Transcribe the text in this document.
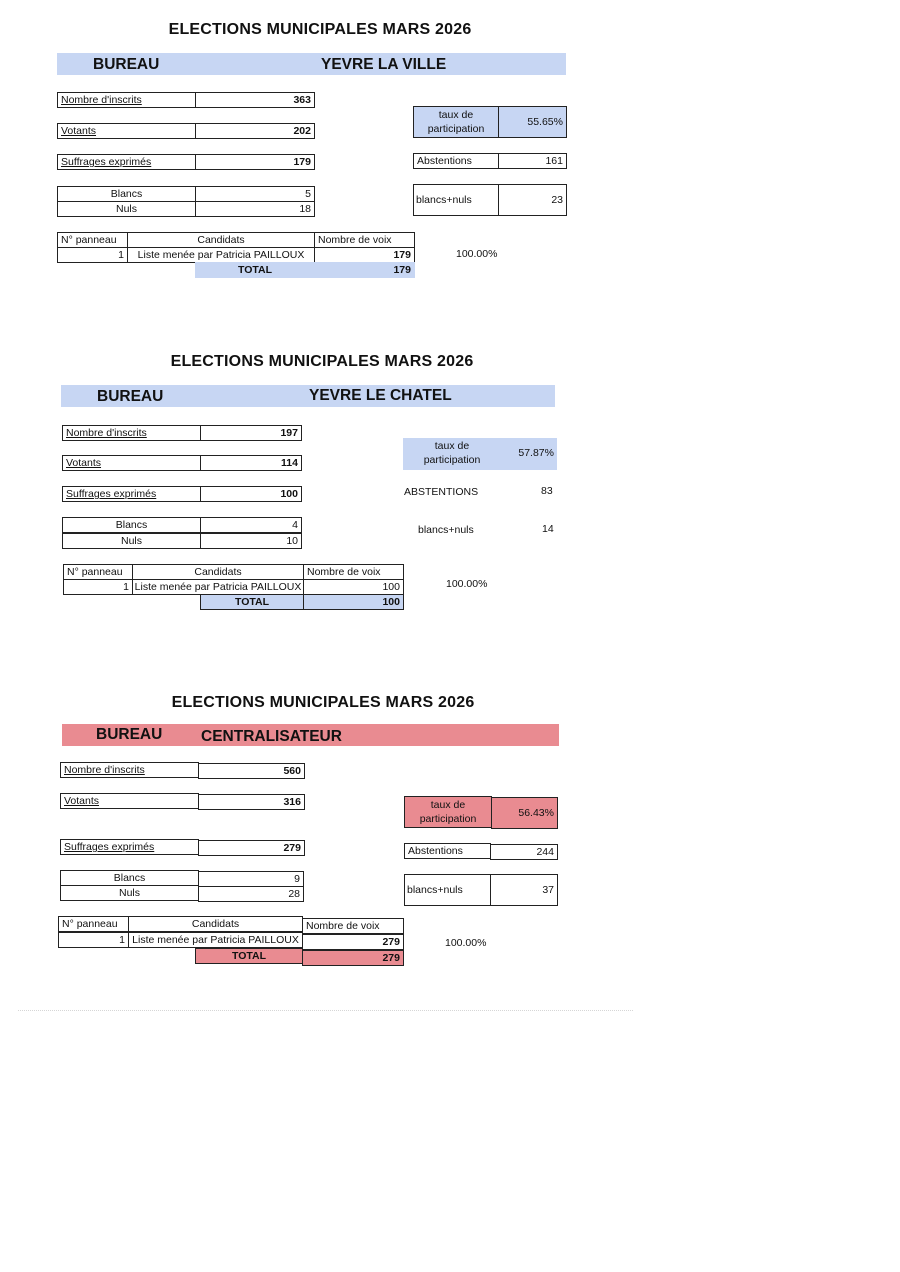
ELECTIONS MUNICIPALES MARS 2026
BUREAU	YEVRE LA VILLE
Nombre d'inscrits	363
Votants	202
Suffrages exprimés	179
Blancs	5
Nuls	18
taux de
participation
55.65%
Abstentions	161
blancs+nuls	23
N° panneau	Candidats	Nombre de voix
1	Liste menée par Patricia PAILLOUX	179
TOTAL	179
100.00%
ELECTIONS MUNICIPALES MARS 2026
BUREAU	YEVRE LE CHATEL
Nombre d'inscrits	197
Votants	114
Suffrages exprimés	100
Blancs	4
Nuls	10
taux de
participation
57.87%
ABSTENTIONS	83
blancs+nuls	14
N° panneau	Candidats	Nombre de voix
1 Liste menée par Patricia PAILLOUX	100
TOTAL	100
100.00%
ELECTIONS MUNICIPALES MARS 2026
BUREAU CENTRALISATEUR
Nombre d'inscrits	560
Votants	316
Suffrages exprimés	279
Blancs	9
Nuls	28
taux de
participation	56.43%
Abstentions	244
blancs+nuls	37
N° panneau	Candidats	Nombre de voix
1 Liste menée par Patricia PAILLOUX	279
TOTAL	279
100.00%
